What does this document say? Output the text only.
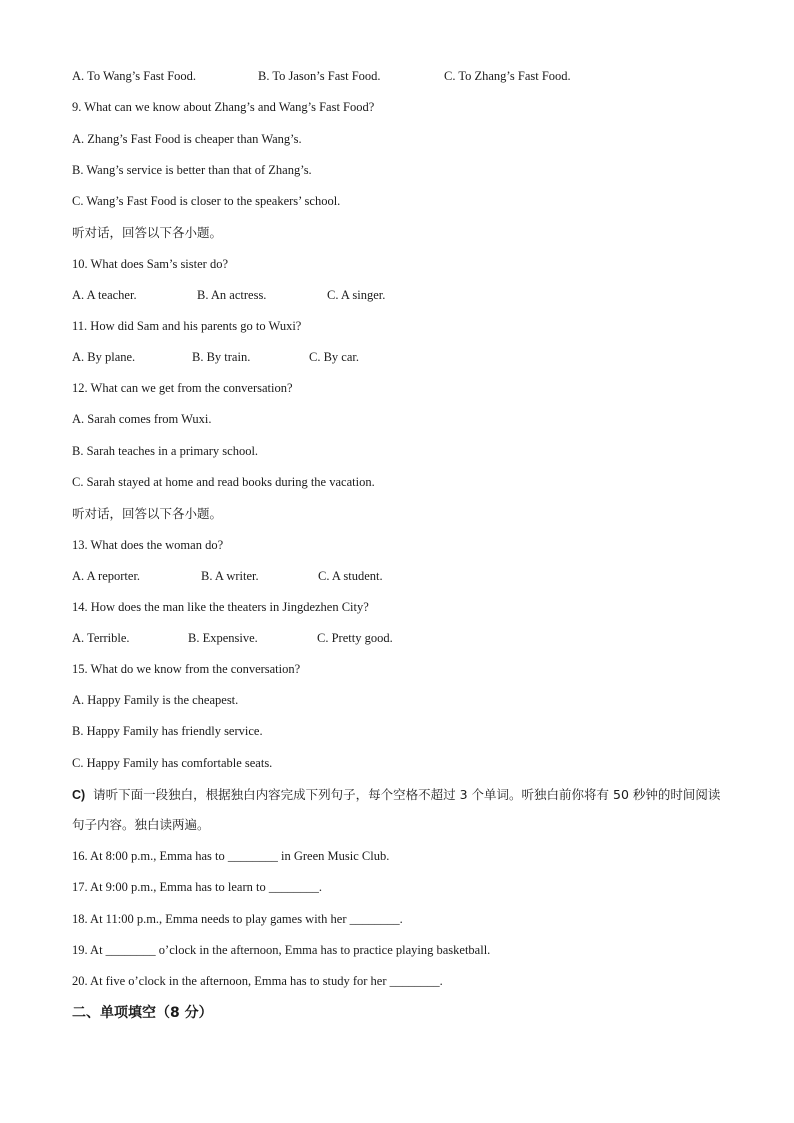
A. To Wang’s Fast Food.	B. To Jason’s Fast Food.	C. To Zhang’s Fast Food.
9. What can we know about Zhang’s and Wang’s Fast Food?
A. Zhang’s Fast Food is cheaper than Wang’s.
B. Wang’s service is better than that of Zhang’s.
C. Wang’s Fast Food is closer to the speakers’ school.
听对话，回答以下各小题。
10. What does Sam’s sister do?
A. A teacher.	B. An actress.	C. A singer.
11. How did Sam and his parents go to Wuxi?
A. By plane.	B. By train.	C. By car.
12. What can we get from the conversation?
A. Sarah comes from Wuxi.
B. Sarah teaches in a primary school.
C. Sarah stayed at home and read books during the vacation.
听对话，回答以下各小题。
13. What does the woman do?
A. A reporter.	B. A writer.	C. A student.
14. How does the man like the theaters in Jingdezhen City?
A. Terrible.	B. Expensive.	C. Pretty good.
15. What do we know from the conversation?
A. Happy Family is the cheapest.
B. Happy Family has friendly service.
C. Happy Family has comfortable seats.
C) 请听下面一段独白，根据独白内容完成下列句子，每个空格不超过 3 个单词。听独白前你将有 50 秒钟的时间阅读句子内容。独白读两遍。
16. At 8:00 p.m., Emma has to ________ in Green Music Club.
17. At 9:00 p.m., Emma has to learn to ________.
18. At 11:00 p.m., Emma needs to play games with her ________.
19. At ________ o’clock in the afternoon, Emma has to practice playing basketball.
20. At five o’clock in the afternoon, Emma has to study for her ________.
二、单项填空（8 分）
